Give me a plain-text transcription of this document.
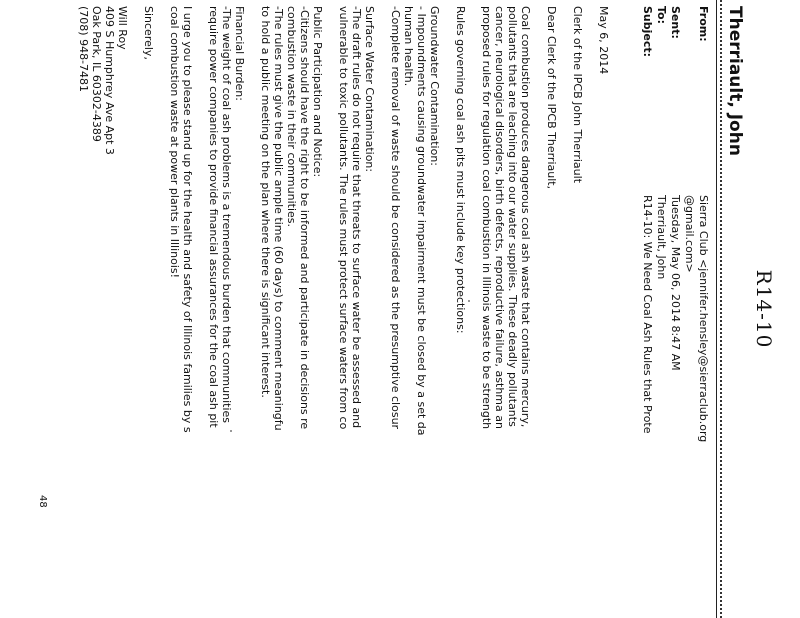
R14-10
Therriault, John
From:
Sent:
To:
Subject:
Sierra Club <jennifer.hensley@sierraclub.org
@gmail.com>
Tuesday, May 06, 2014 8:47 AM
Therriault, John
R14-10: We Need Coal Ash Rules that Prote
May 6, 2014
Clerk of the IPCB John Therriault
Dear Clerk of the IPCB Therriault,
Coal combustion produces dangerous coal ash waste that contains mercury,
pollutants that are leaching into our water supplies. These deadly pollutants
cancer, neurological disorders, birth defects, reproductive failure, asthma an
proposed rules for regulation coal combustion in Illinois waste to be strength
Rules governing coal ash pits must include key protections:
Groundwater Contamination:
- Impoundments causing groundwater impairment must be closed by a set da
human health.
-Complete removal of waste should be considered as the presumptive closur
Surface Water Contamination:
-The draft rules do not require that threats to surface water be assessed and
vulnerable to toxic pollutants. The rules must protect surface waters from co
Public Participation and Notice:
-Citizens should have the right to be informed and participate in decisions re
combustion waste in their communities.
-The rules must give the public ample time (60 days) to comment meaningfu
to hold a public meeting on the plan where there is significant interest.
Financial Burden:
-The weight of coal ash problems is a tremendous burden that communities
require power companies to provide financial assurances for the coal ash pit
I urge you to please stand up for the health and safety of Illinois families by s
coal combustion waste at power plants in Illinois!
Sincerely,
Will Roy
409 S Humphrey Ave Apt 3
Oak Park, IL 60302-4389
(708) 948-7481
48
